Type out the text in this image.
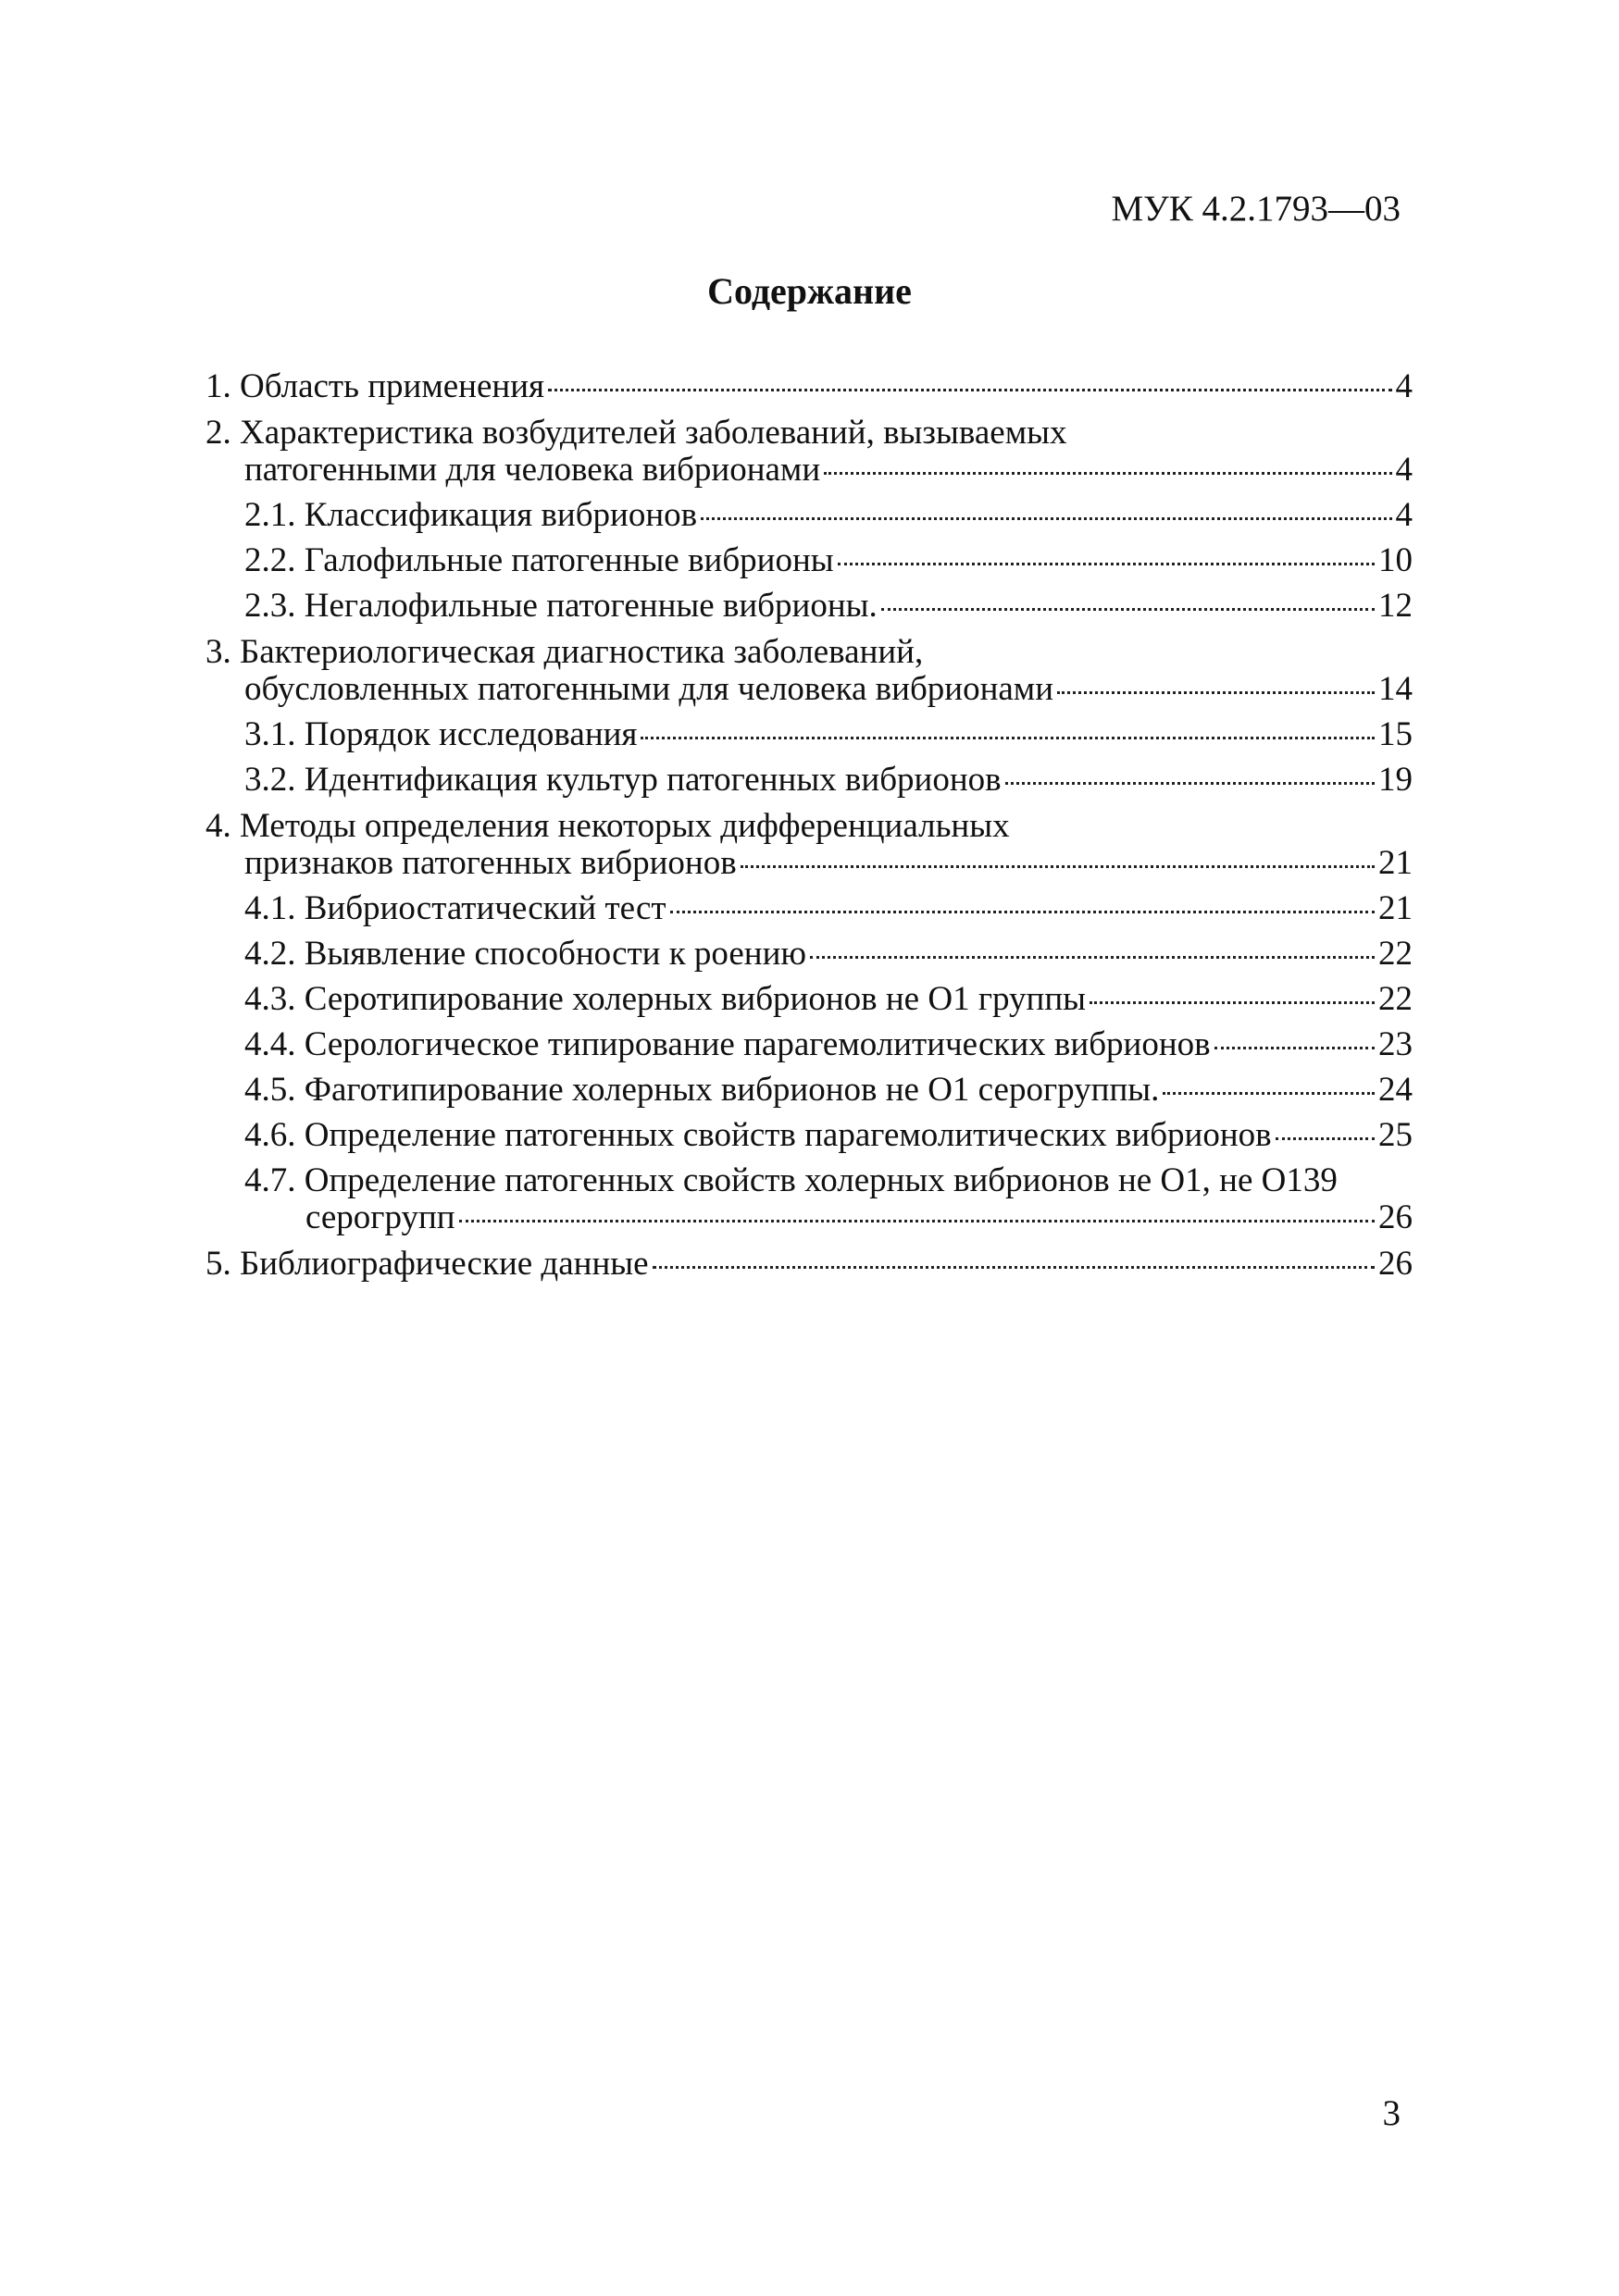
МУК 4.2.1793—03
Содержание
1. Область применения	4
2. Характеристика возбудителей заболеваний, вызываемых
патогенными для человека вибрионами	4
2.1. Классификация вибрионов	4
2.2. Галофильные патогенные вибрионы	10
2.3. Негалофильные патогенные вибрионы.	12
3. Бактериологическая диагностика заболеваний,
обусловленных патогенными для человека вибрионами	14
3.1. Порядок исследования	15
3.2. Идентификация культур патогенных вибрионов	19
4. Методы определения некоторых дифференциальных
признаков патогенных вибрионов	21
4.1. Вибриостатический тест	21
4.2. Выявление способности к роению	22
4.3. Серотипирование холерных вибрионов не O1 группы	22
4.4. Серологическое типирование парагемолитических вибрионов	23
4.5. Фаготипирование холерных вибрионов не O1 серогруппы.	24
4.6. Определение патогенных свойств парагемолитических вибрионов	25
4.7. Определение патогенных свойств холерных вибрионов не O1, не O139
серогрупп	26
5. Библиографические данные	26
3
